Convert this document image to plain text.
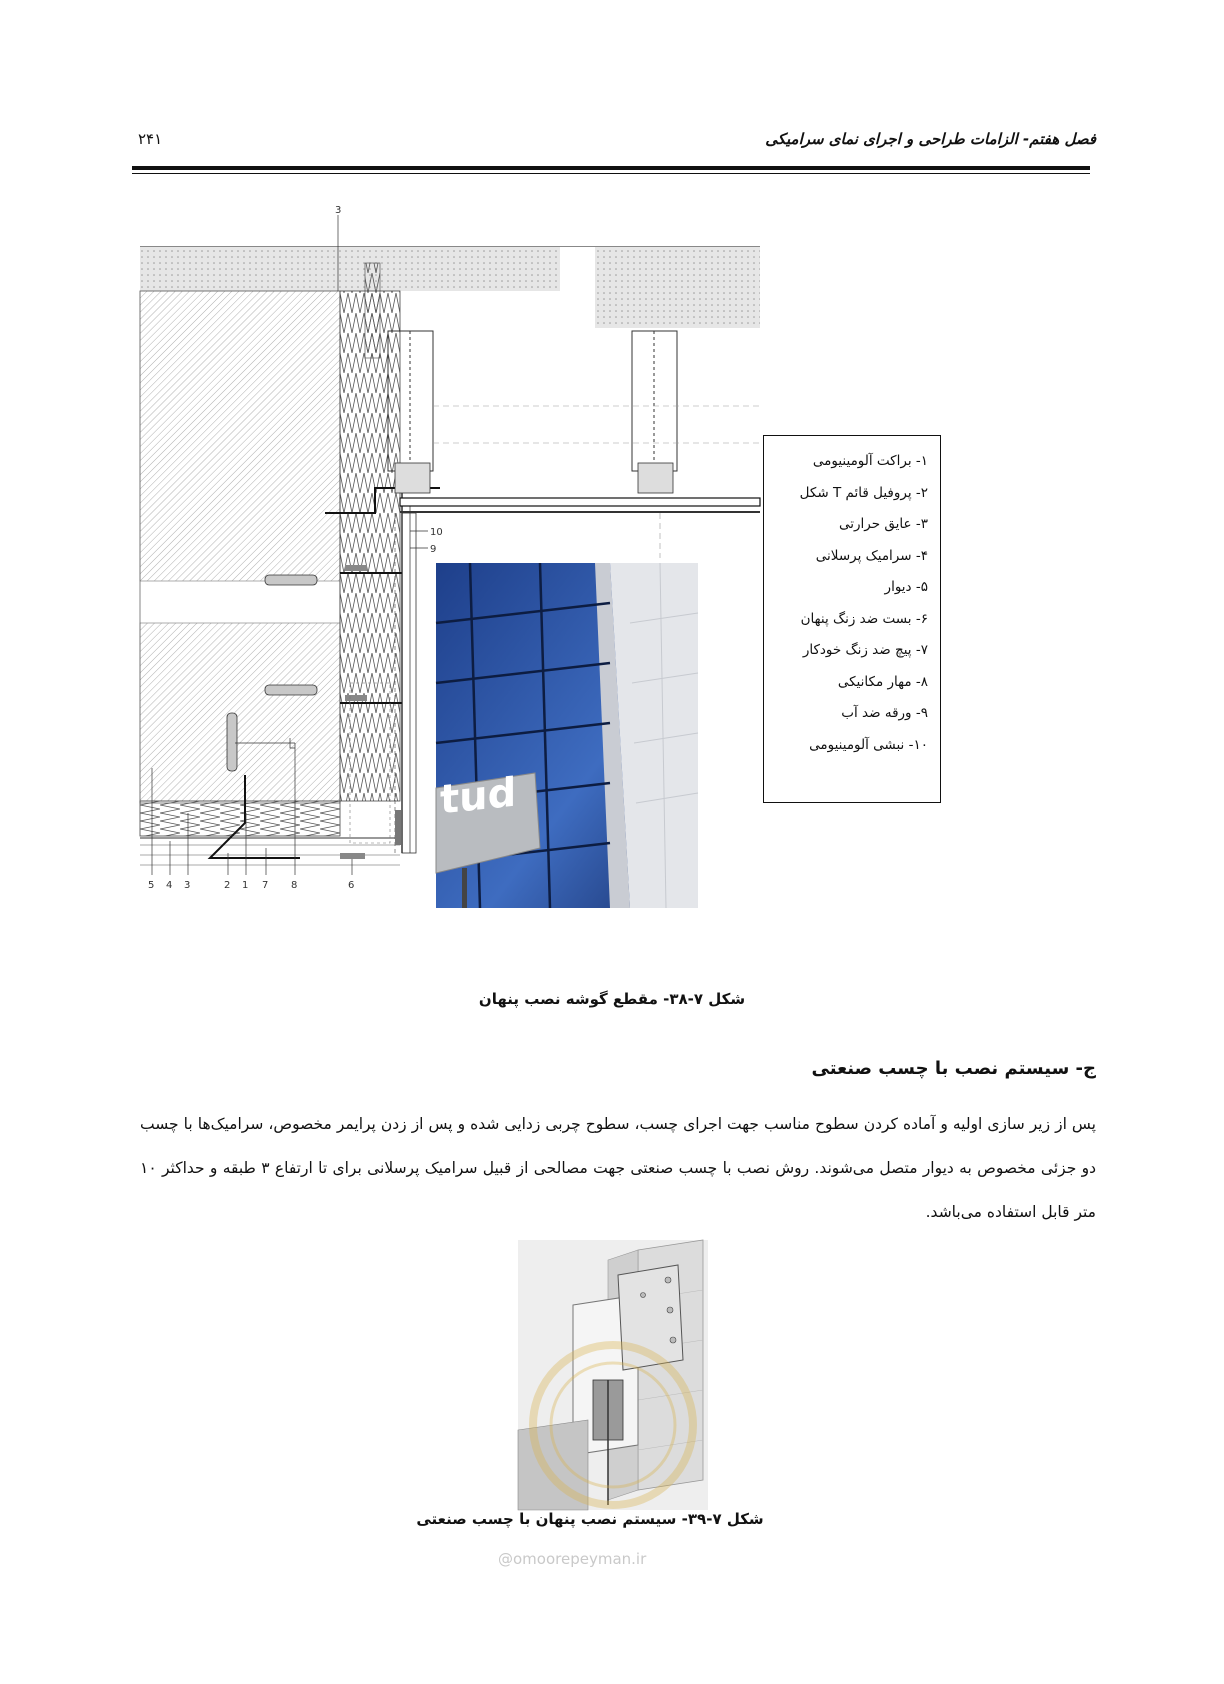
فصل هفتم- الزامات طراحی و اجرای نمای سرامیکی
۲۴۱
3
10
9
5 4 3	2 1 7 8	6
tud
۱- براکت آلومینیومی
۲- پروفیل قائم T شکل
۳- عایق حرارتی
۴- سرامیک پرسلانی
۵- دیوار
۶- بست ضد زنگ پنهان
۷- پیچ ضد زنگ خودکار
۸- مهار مکانیکی
۹- ورقه ضد آب
۱۰- نبشی آلومینیومی
شکل ۷-۳۸- مقطع گوشه نصب پنهان
ج- سیستم نصب با چسب صنعتی
پس از زیر سازی اولیه و آماده کردن سطوح مناسب جهت اجرای چسب، سطوح چربی زدایی شده و پس از زدن پرایمر مخصوص، سرامیک‌ها با چسب دو جزئی مخصوص به دیوار متصل می‌شوند. روش نصب با چسب صنعتی جهت مصالحی از قبیل سرامیک پرسلانی برای تا ارتفاع ۳ طبقه و حداکثر ۱۰ متر قابل استفاده می‌باشد.
شکل ۷-۳۹- سیستم نصب پنهان با چسب صنعتی
@omoorepeyman.ir
